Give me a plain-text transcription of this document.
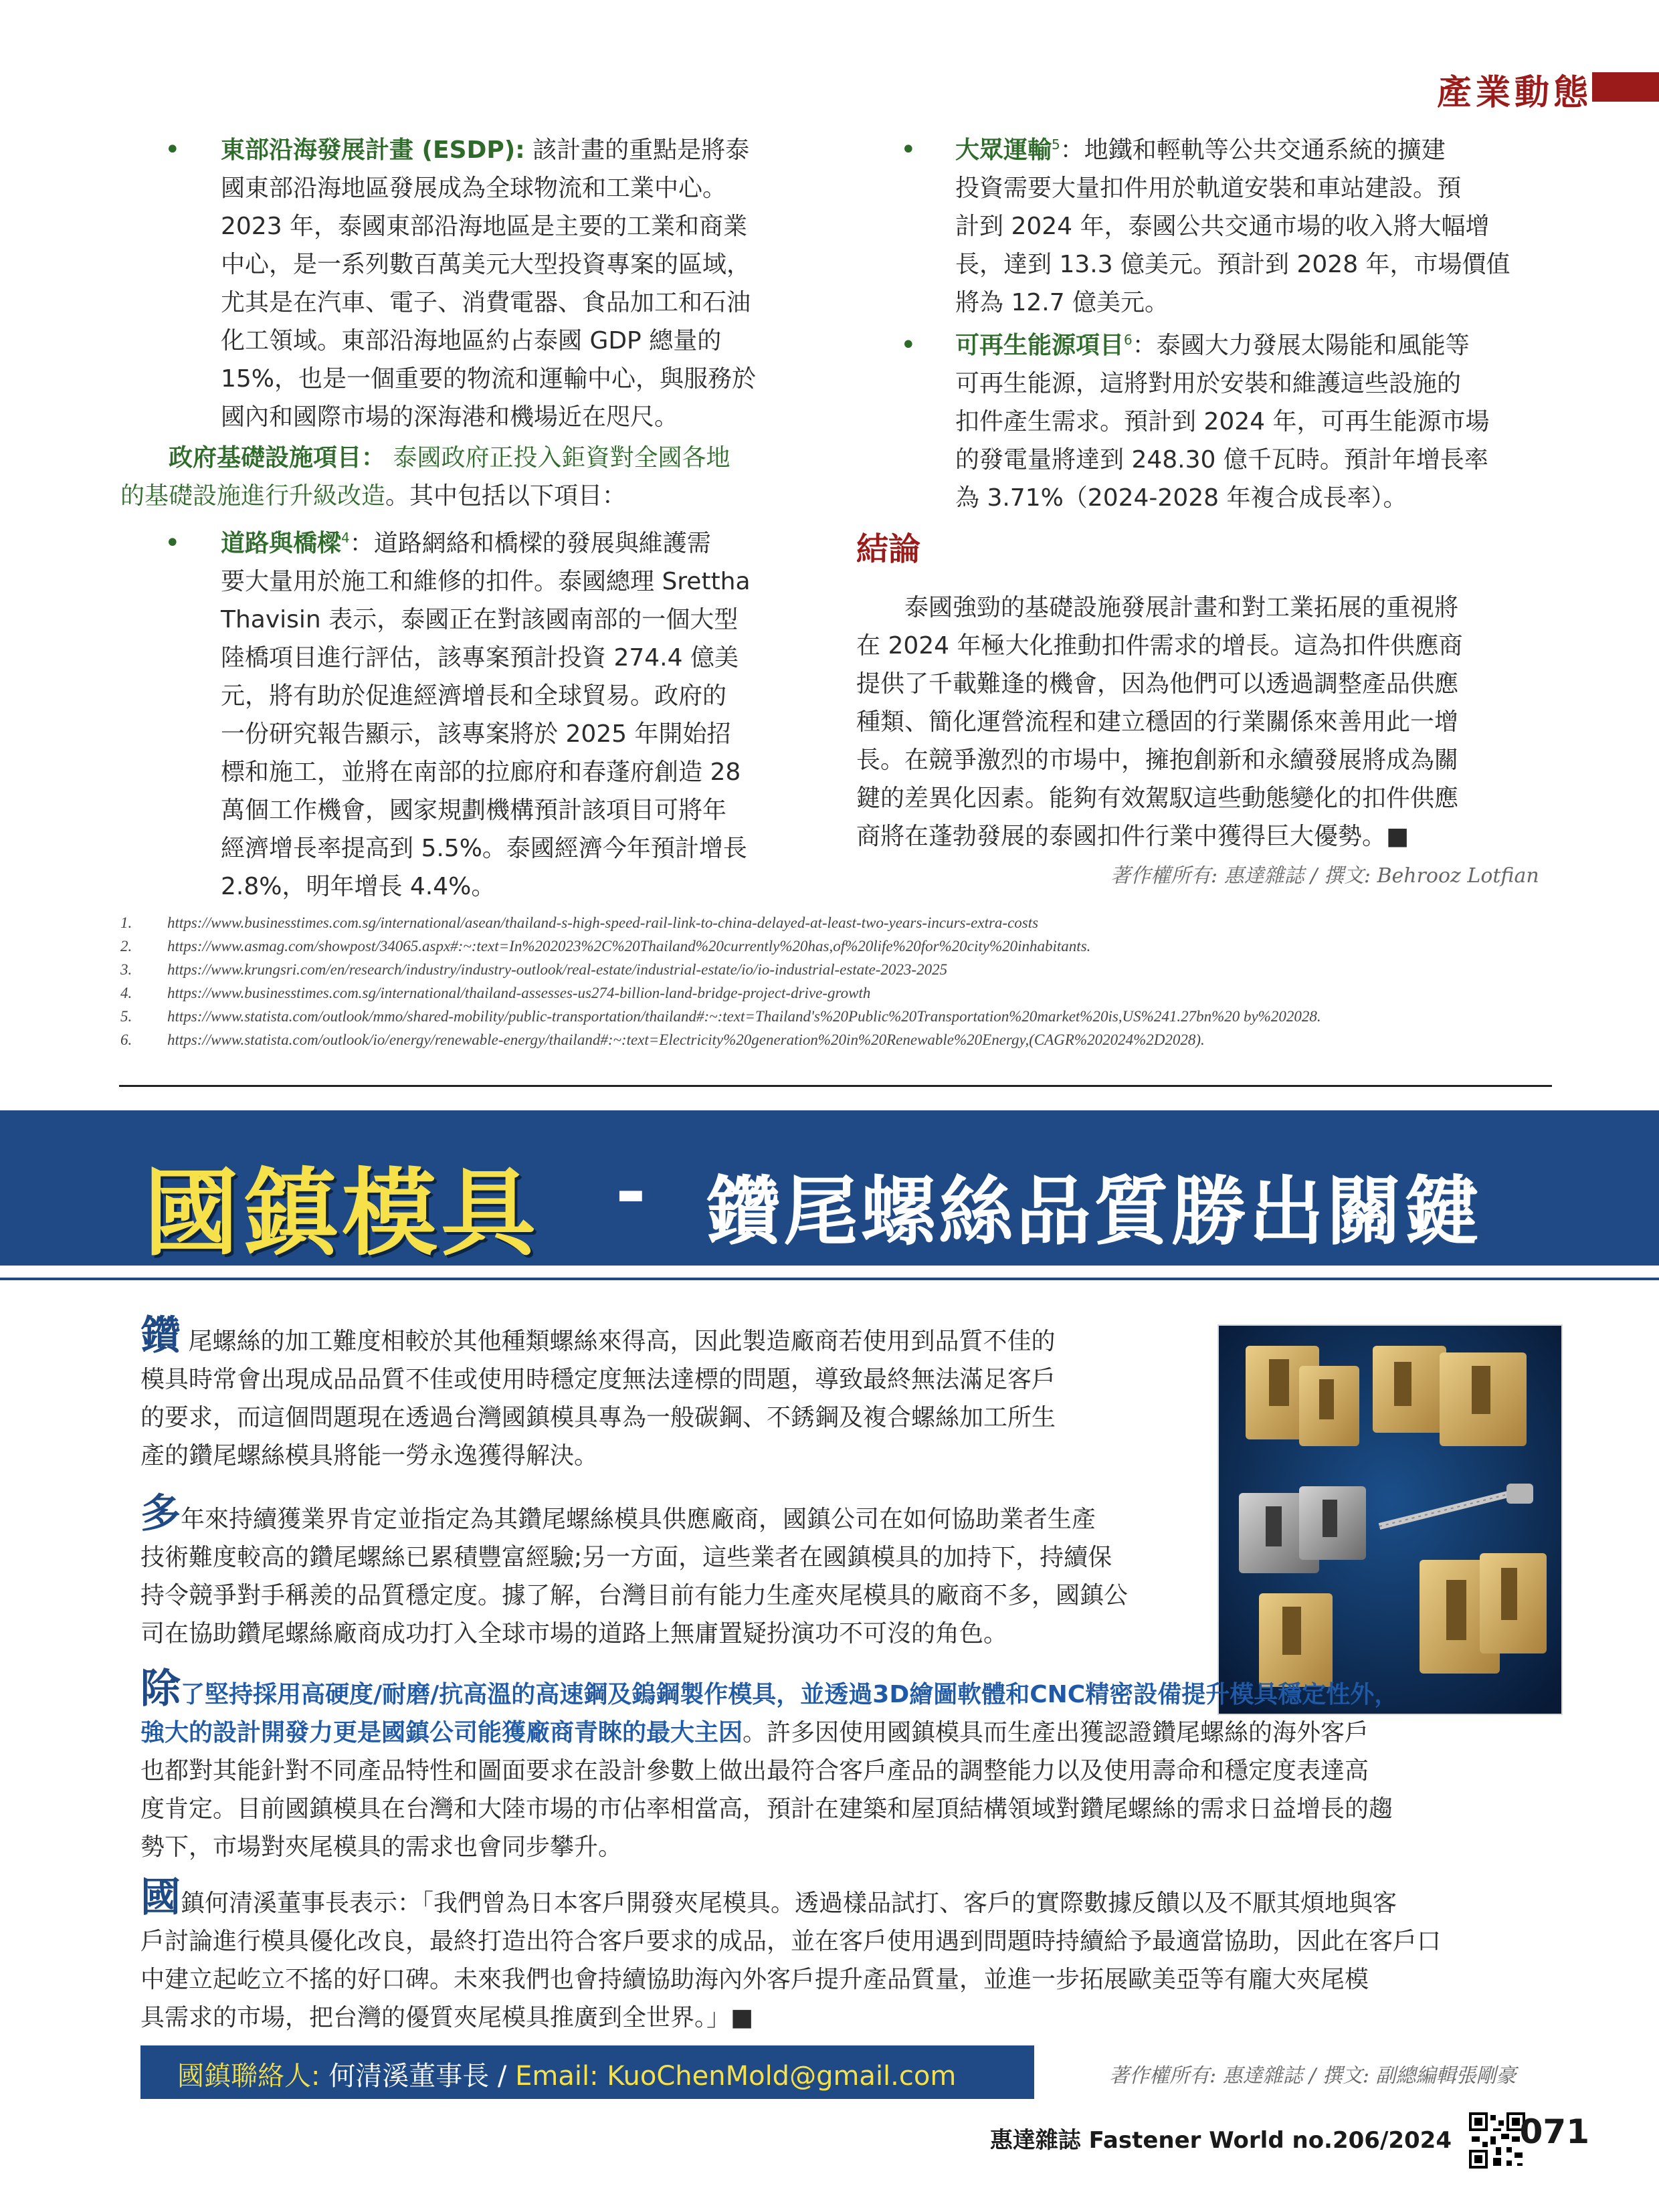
產業動態
• 東部沿海發展計畫 (ESDP): 該計畫的重點是將泰
國東部沿海地區發展成為全球物流和工業中心。
2023 年，泰國東部沿海地區是主要的工業和商業
中心，是一系列數百萬美元大型投資專案的區域，
尤其是在汽車、電子、消費電器、食品加工和石油
化工領域。東部沿海地區約占泰國 GDP 總量的
15%，也是一個重要的物流和運輸中心，與服務於
國內和國際市場的深海港和機場近在咫尺。
政府基礎設施項目： 泰國政府正投入鉅資對全國各地
的基礎設施進行升級改造。其中包括以下項目：
• 道路與橋樑$^4$：道路網絡和橋樑的發展與維護需
要大量用於施工和維修的扣件。泰國總理 Srettha
Thavisin 表示，泰國正在對該國南部的一個大型
陸橋項目進行評估，該專案預計投資 274.4 億美
元，將有助於促進經濟增長和全球貿易。政府的
一份研究報告顯示，該專案將於 2025 年開始招
標和施工，並將在南部的拉廊府和春蓬府創造 28
萬個工作機會，國家規劃機構預計該項目可將年
經濟增長率提高到 5.5%。泰國經濟今年預計增長
2.8%，明年增長 4.4%。
• 大眾運輸$^5$：地鐵和輕軌等公共交通系統的擴建
投資需要大量扣件用於軌道安裝和車站建設。預
計到 2024 年，泰國公共交通市場的收入將大幅增
長，達到 13.3 億美元。預計到 2028 年，市場價值
將為 12.7 億美元。
• 可再生能源項目$^6$：泰國大力發展太陽能和風能等
可再生能源，這將對用於安裝和維護這些設施的
扣件產生需求。預計到 2024 年，可再生能源市場
的發電量將達到 248.30 億千瓦時。預計年增長率
為 3.71%（2024-2028 年複合成長率）。
結論
泰國強勁的基礎設施發展計畫和對工業拓展的重視將
在 2024 年極大化推動扣件需求的增長。這為扣件供應商
提供了千載難逢的機會，因為他們可以透過調整產品供應
種類、簡化運營流程和建立穩固的行業關係來善用此一增
長。在競爭激烈的市場中，擁抱創新和永續發展將成為關
鍵的差異化因素。能夠有效駕馭這些動態變化的扣件供應
商將在蓬勃發展的泰國扣件行業中獲得巨大優勢。■
著作權所有: 惠達雜誌 / 撰文: Behrooz Lotfian
1.	https://www.businesstimes.com.sg/international/asean/thailand-s-high-speed-rail-link-to-china-delayed-at-least-two-years-incurs-extra-costs
2.	https://www.asmag.com/showpost/34065.aspx#:~:text=In%202023%2C%20Thailand%20currently%20has,of%20life%20for%20city%20inhabitants.
3.	https://www.krungsri.com/en/research/industry/industry-outlook/real-estate/industrial-estate/io/io-industrial-estate-2023-2025
4.	https://www.businesstimes.com.sg/international/thailand-assesses-us274-billion-land-bridge-project-drive-growth
5.	https://www.statista.com/outlook/mmo/shared-mobility/public-transportation/thailand#:~:text=Thailand's%20Public%20Transportation%20market%20is,US%241.27bn%20 by%202028.
6.	https://www.statista.com/outlook/io/energy/renewable-energy/thailand#:~:text=Electricity%20generation%20in%20Renewable%20Energy,(CAGR%202024%2D2028).
國鎮模具 - 鑽尾螺絲品質勝出關鍵
鑽 尾螺絲的加工難度相較於其他種類螺絲來得高，因此製造廠商若使用到品質不佳的
模具時常會出現成品品質不佳或使用時穩定度無法達標的問題，導致最終無法滿足客戶
的要求，而這個問題現在透過台灣國鎮模具專為一般碳鋼、不銹鋼及複合螺絲加工所生
產的鑽尾螺絲模具將能一勞永逸獲得解決。
多年來持續獲業界肯定並指定為其鑽尾螺絲模具供應廠商，國鎮公司在如何協助業者生產
技術難度較高的鑽尾螺絲已累積豐富經驗;另一方面，這些業者在國鎮模具的加持下，持續保
持令競爭對手稱羨的品質穩定度。據了解，台灣目前有能力生產夾尾模具的廠商不多，國鎮公
司在協助鑽尾螺絲廠商成功打入全球市場的道路上無庸置疑扮演功不可沒的角色。
除了堅持採用高硬度/耐磨/抗高溫的高速鋼及鎢鋼製作模具，並透過3D繪圖軟體和CNC精密設備提升模具穩定性外，
強大的設計開發力更是國鎮公司能獲廠商青睞的最大主因。許多因使用國鎮模具而生產出獲認證鑽尾螺絲的海外客戶
也都對其能針對不同產品特性和圖面要求在設計參數上做出最符合客戶產品的調整能力以及使用壽命和穩定度表達高
度肯定。目前國鎮模具在台灣和大陸市場的市佔率相當高，預計在建築和屋頂結構領域對鑽尾螺絲的需求日益增長的趨
勢下，市場對夾尾模具的需求也會同步攀升。
國鎮何清溪董事長表示：「我們曾為日本客戶開發夾尾模具。透過樣品試打、客戶的實際數據反饋以及不厭其煩地與客
戶討論進行模具優化改良，最終打造出符合客戶要求的成品，並在客戶使用遇到問題時持續給予最適當協助，因此在客戶口
中建立起屹立不搖的好口碑。未來我們也會持續協助海內外客戶提升產品質量，並進一步拓展歐美亞等有龐大夾尾模
具需求的市場，把台灣的優質夾尾模具推廣到全世界。」■
國鎮聯絡人: 何清溪董事長 / Email: KuoChenMold@gmail.com	著作權所有: 惠達雜誌 / 撰文: 副總編輯張剛豪
惠達雜誌 Fastener World no.206/2024 071
